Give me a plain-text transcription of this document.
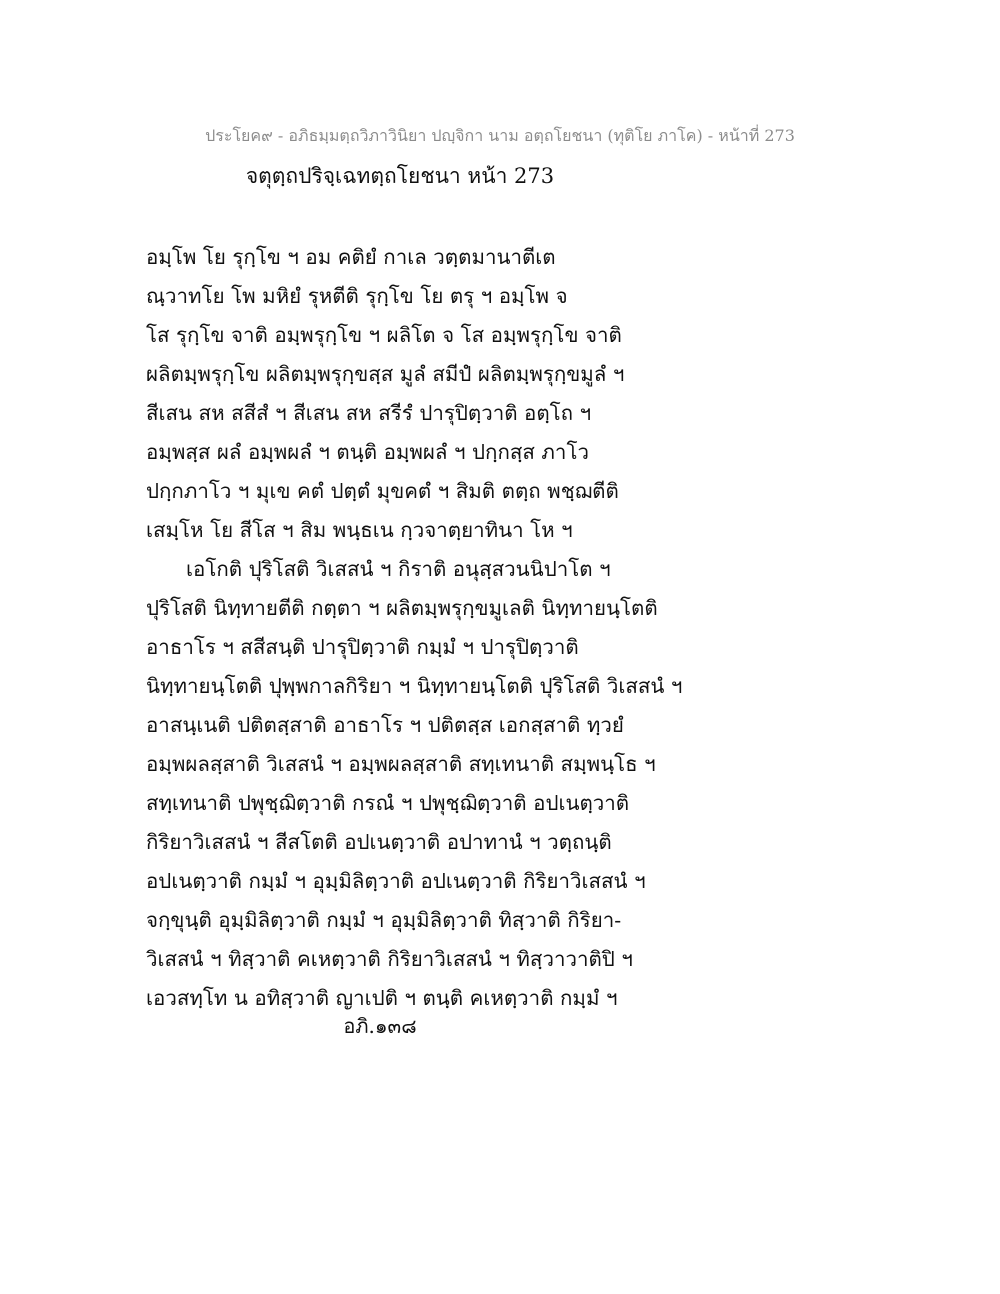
ประโยค๙ - อภิธมฺมตฺถวิภาวินิยา ปญฺจิกา นาม อตฺถโยชนา (ทุติโย ภาโค) - หน้าที่ 273
จตุตฺถปริจฺเฉทตฺถโยชนา หน้า 273
อมฺโพ โย รุกฺโข ฯ อม คติยํ กาเล วตฺตมานาตีเต
ณฺวาทโย โพ มหิยํ รุหตีติ รุกฺโข โย ตรุ ฯ อมฺโพ จ
โส รุกฺโข จาติ อมฺพรุกฺโข ฯ ผลิโต จ โส อมฺพรุกฺโข จาติ
ผลิตมฺพรุกฺโข ผลิตมฺพรุกฺขสฺส มูลํ สมีปํ ผลิตมฺพรุกฺขมูลํ ฯ
สีเสน สห สสีสํ ฯ สีเสน สห สรีรํ ปารุปิตฺวาติ อตฺโถ ฯ
อมฺพสฺส ผลํ อมฺพผลํ ฯ ตนฺติ อมฺพผลํ ฯ ปกฺกสฺส ภาโว
ปกฺกภาโว ฯ มุเข คตํ ปตฺตํ มุขคตํ ฯ สิมติ ตตฺถ พชฺฌตีติ
เสมฺโห โย สีโส ฯ สิม พนฺธเน กฺวจาตฺยาทินา โห ฯ
เอโกติ ปุริโสติ วิเสสนํ ฯ กิราติ อนุสฺสวนนิปาโต ฯ
ปุริโสติ นิทฺทายตีติ กตฺตา ฯ ผลิตมฺพรุกฺขมูเลติ นิทฺทายนฺโตติ
อาธาโร ฯ สสีสนฺติ ปารุปิตฺวาติ กมฺมํ ฯ ปารุปิตฺวาติ
นิทฺทายนฺโตติ ปุพฺพกาลกิริยา ฯ นิทฺทายนฺโตติ ปุริโสติ วิเสสนํ ฯ
อาสนฺเนติ ปติตสฺสาติ อาธาโร ฯ ปติตสฺส เอกสฺสาติ ทฺวยํ
อมฺพผลสฺสาติ วิเสสนํ ฯ อมฺพผลสฺสาติ สทฺเทนาติ สมฺพนฺโธ ฯ
สทฺเทนาติ ปพุชฺฌิตฺวาติ กรณํ ฯ ปพุชฺฌิตฺวาติ อปเนตฺวาติ
กิริยาวิเสสนํ ฯ สีสโตติ อปเนตฺวาติ อปาทานํ ฯ วตฺถนฺติ
อปเนตฺวาติ กมฺมํ ฯ อุมฺมิลิตฺวาติ อปเนตฺวาติ กิริยาวิเสสนํ ฯ
จกฺขุนฺติ อุมฺมิลิตฺวาติ กมฺมํ ฯ อุมฺมิลิตฺวาติ ทิสฺวาติ กิริยา-
วิเสสนํ ฯ ทิสฺวาติ คเหตฺวาติ กิริยาวิเสสนํ ฯ ทิสฺวาวาติปิ ฯ
เอวสทฺโท น อทิสฺวาติ ญาเปติ ฯ ตนฺติ คเหตฺวาติ กมฺมํ ฯ
อภิ.๑๓๘
